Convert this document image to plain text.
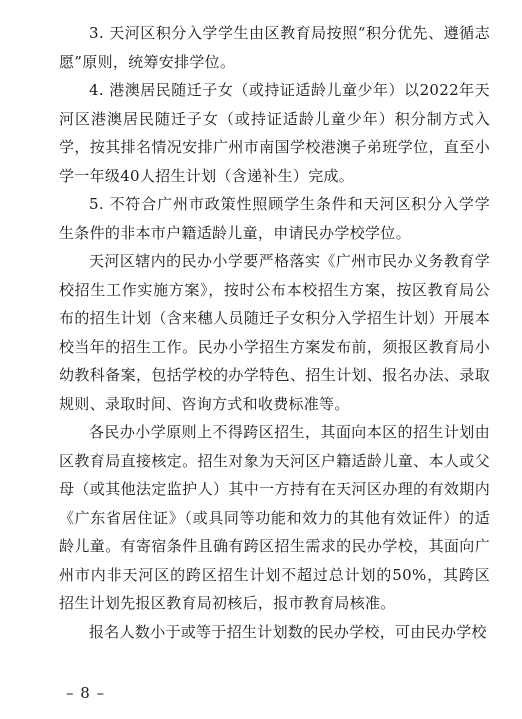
3. 天河区积分入学学生由区教育局按照“积分优先、遵循志愿”原则，统筹安排学位。

4. 港澳居民随迁子女（或持证适龄儿童少年）以2022年天河区港澳居民随迁子女（或持证适龄儿童少年）积分制方式入学，按其排名情况安排广州市南国学校港澳子弟班学位，直至小学一年级40人招生计划（含递补生）完成。

5. 不符合广州市政策性照顾学生条件和天河区积分入学学生条件的非本市户籍适龄儿童，申请民办学校学位。

天河区辖内的民办小学要严格落实《广州市民办义务教育学校招生工作实施方案》，按时公布本校招生方案，按区教育局公布的招生计划（含来穗人员随迁子女积分入学招生计划）开展本校当年的招生工作。民办小学招生方案发布前，须报区教育局小幼教科备案，包括学校的办学特色、招生计划、报名办法、录取规则、录取时间、咨询方式和收费标准等。

各民办小学原则上不得跨区招生，其面向本区的招生计划由区教育局直接核定。招生对象为天河区户籍适龄儿童、本人或父母（或其他法定监护人）其中一方持有在天河区办理的有效期内《广东省居住证》（或具同等功能和效力的其他有效证件）的适龄儿童。有寄宿条件且确有跨区招生需求的民办学校，其面向广州市内非天河区的跨区招生计划不超过总计划的50%，其跨区招生计划先报区教育局初核后，报市教育局核准。

报名人数小于或等于招生计划数的民办学校，可由民办学校

– 8 –
